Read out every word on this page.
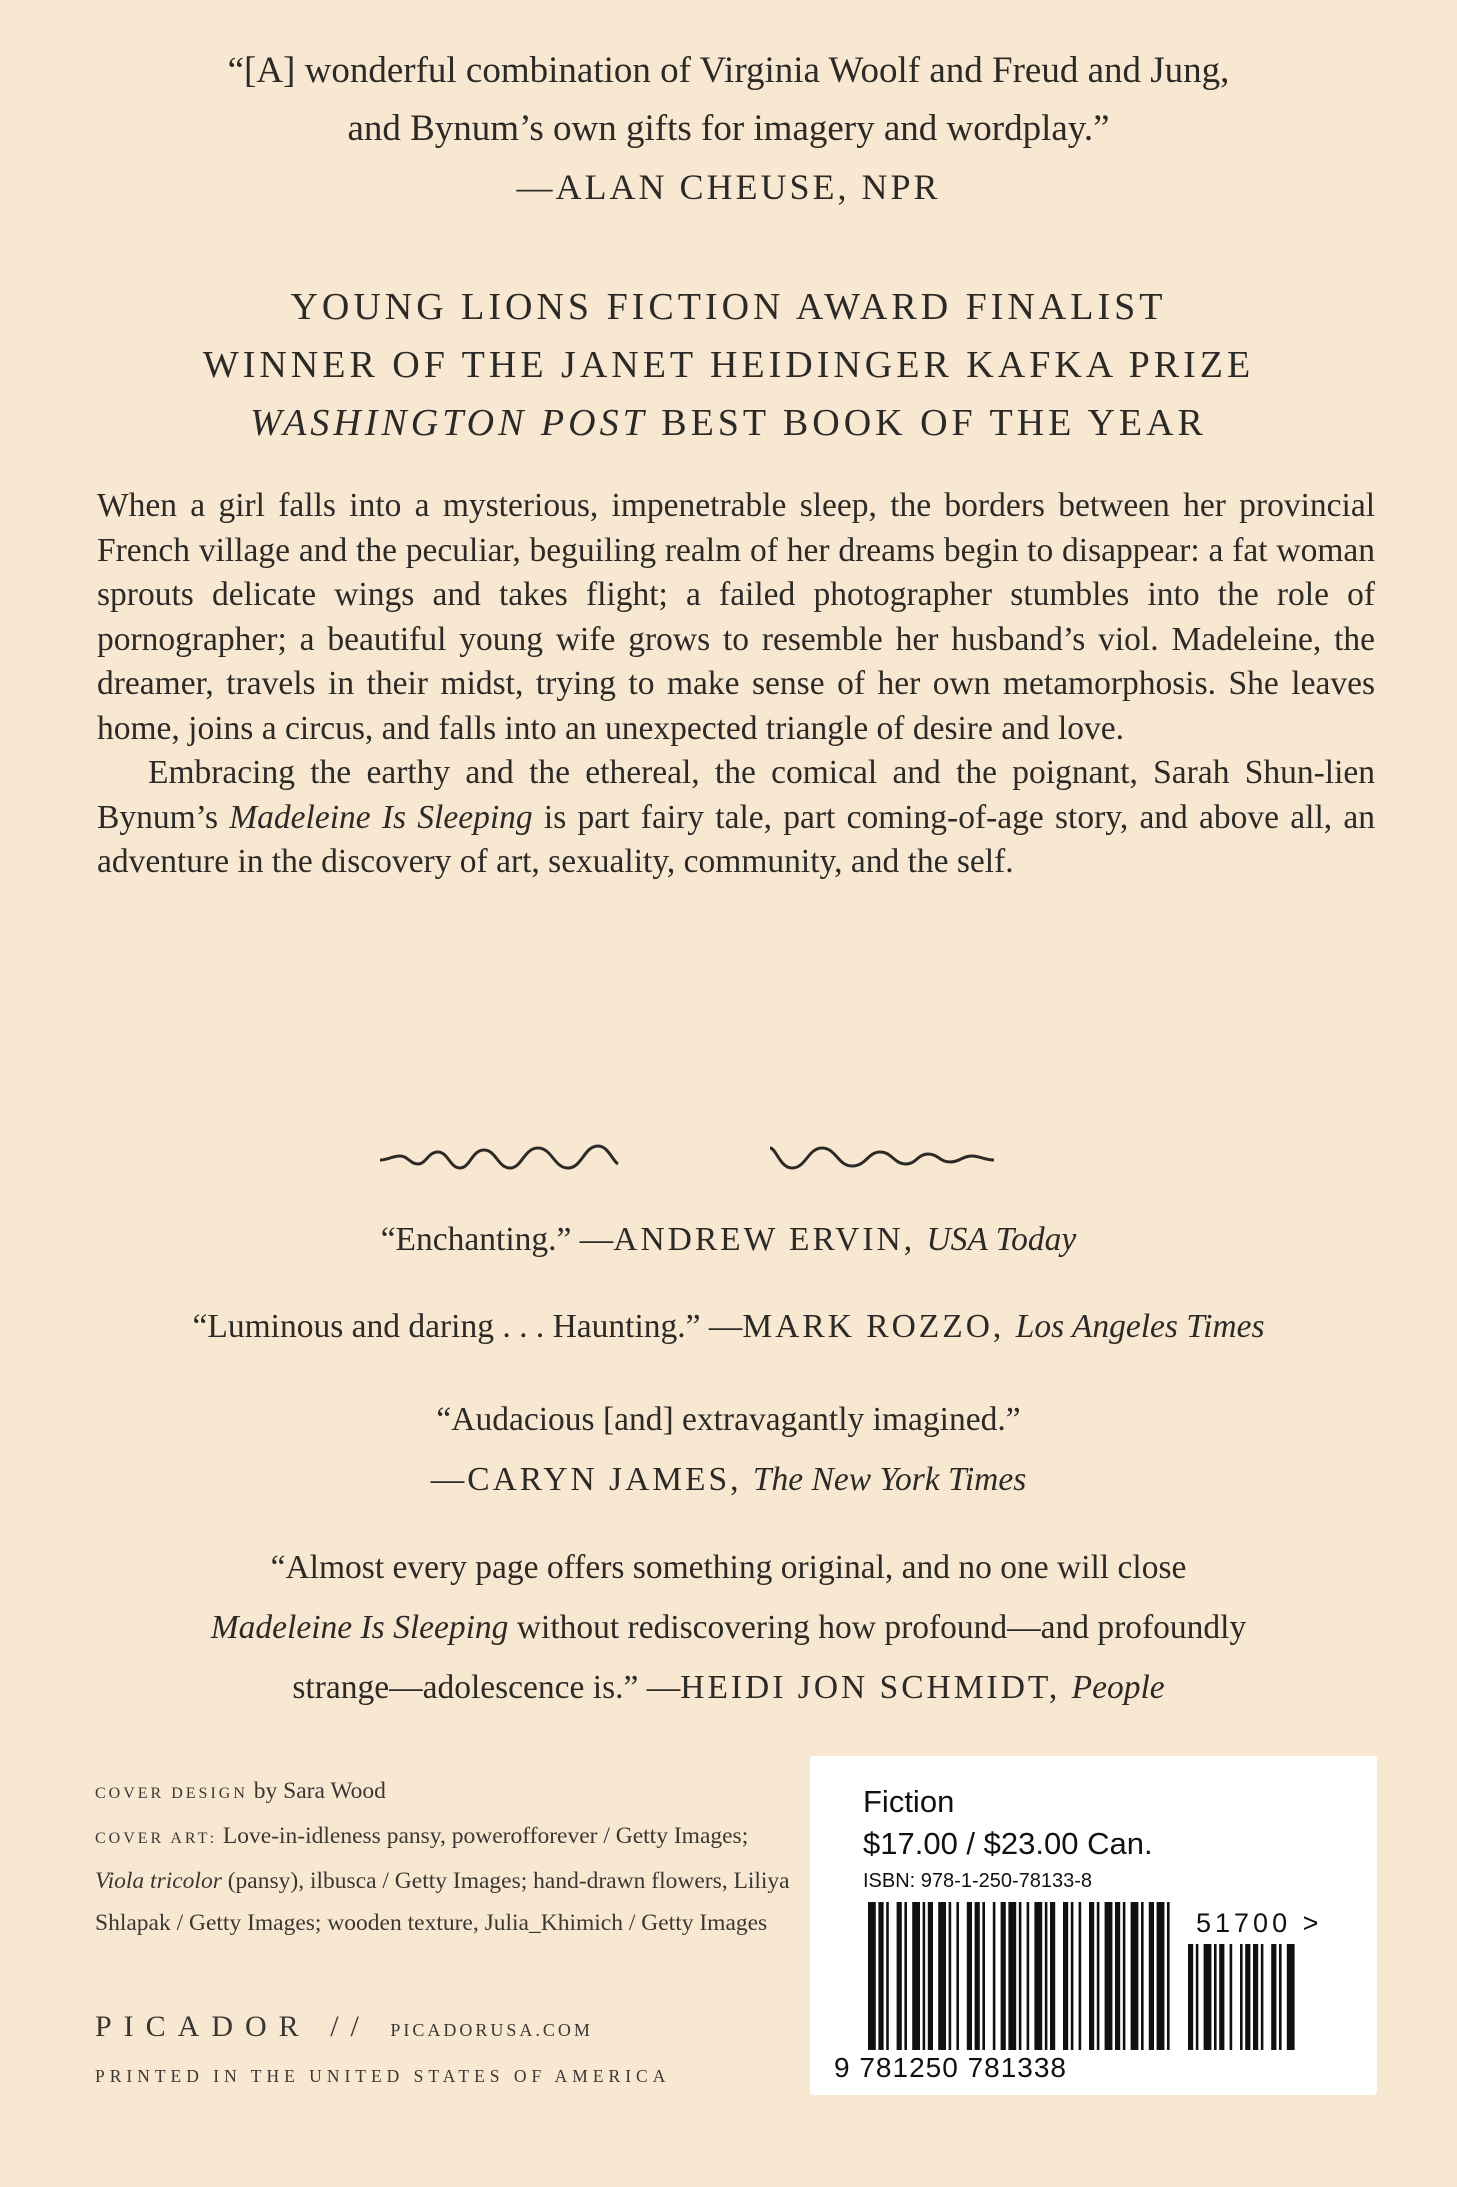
“[A] wonderful combination of Virginia Woolf and Freud and Jung,
and Bynum’s own gifts for imagery and wordplay.”
—ALAN CHEUSE, NPR
YOUNG LIONS FICTION AWARD FINALIST
WINNER OF THE JANET HEIDINGER KAFKA PRIZE
WASHINGTON POST BEST BOOK OF THE YEAR

When a girl falls into a mysterious, impenetrable sleep, the borders between her provincial French village and the peculiar, beguiling realm of her dreams begin to disappear: a fat woman sprouts delicate wings and takes flight; a failed photographer stumbles into the role of pornographer; a beautiful young wife grows to resemble her husband’s viol. Madeleine, the dreamer, travels in their midst, trying to make sense of her own metamorphosis. She leaves home, joins a circus, and falls into an unexpected triangle of desire and love.

Embracing the earthy and the ethereal, the comical and the poignant, Sarah Shun-lien Bynum’s Madeleine Is Sleeping is part fairy tale, part coming-of-age story, and above all, an adventure in the discovery of art, sexuality, community, and the self.

“Enchanting.” —ANDREW ERVIN, USA Today
“Luminous and daring . . . Haunting.” —MARK ROZZO, Los Angeles Times
“Audacious [and] extravagantly imagined.”
—CARYN JAMES, The New York Times
“Almost every page offers something original, and no one will close
Madeleine Is Sleeping without rediscovering how profound—and profoundly
strange—adolescence is.” —HEIDI JON SCHMIDT, People
COVER DESIGN by Sara Wood
COVER ART: Love-in-idleness pansy, powerofforever / Getty Images; Viola tricolor (pansy), ilbusca / Getty Images; hand-drawn flowers, Liliya Shlapak / Getty Images; wooden texture, Julia_Khimich / Getty Images
PICADOR // PICADORUSA.COM
PRINTED IN THE UNITED STATES OF AMERICA
Fiction
$17.00 / $23.00 Can.
ISBN: 978-1-250-78133-8
9 781250 781338
51700 >
